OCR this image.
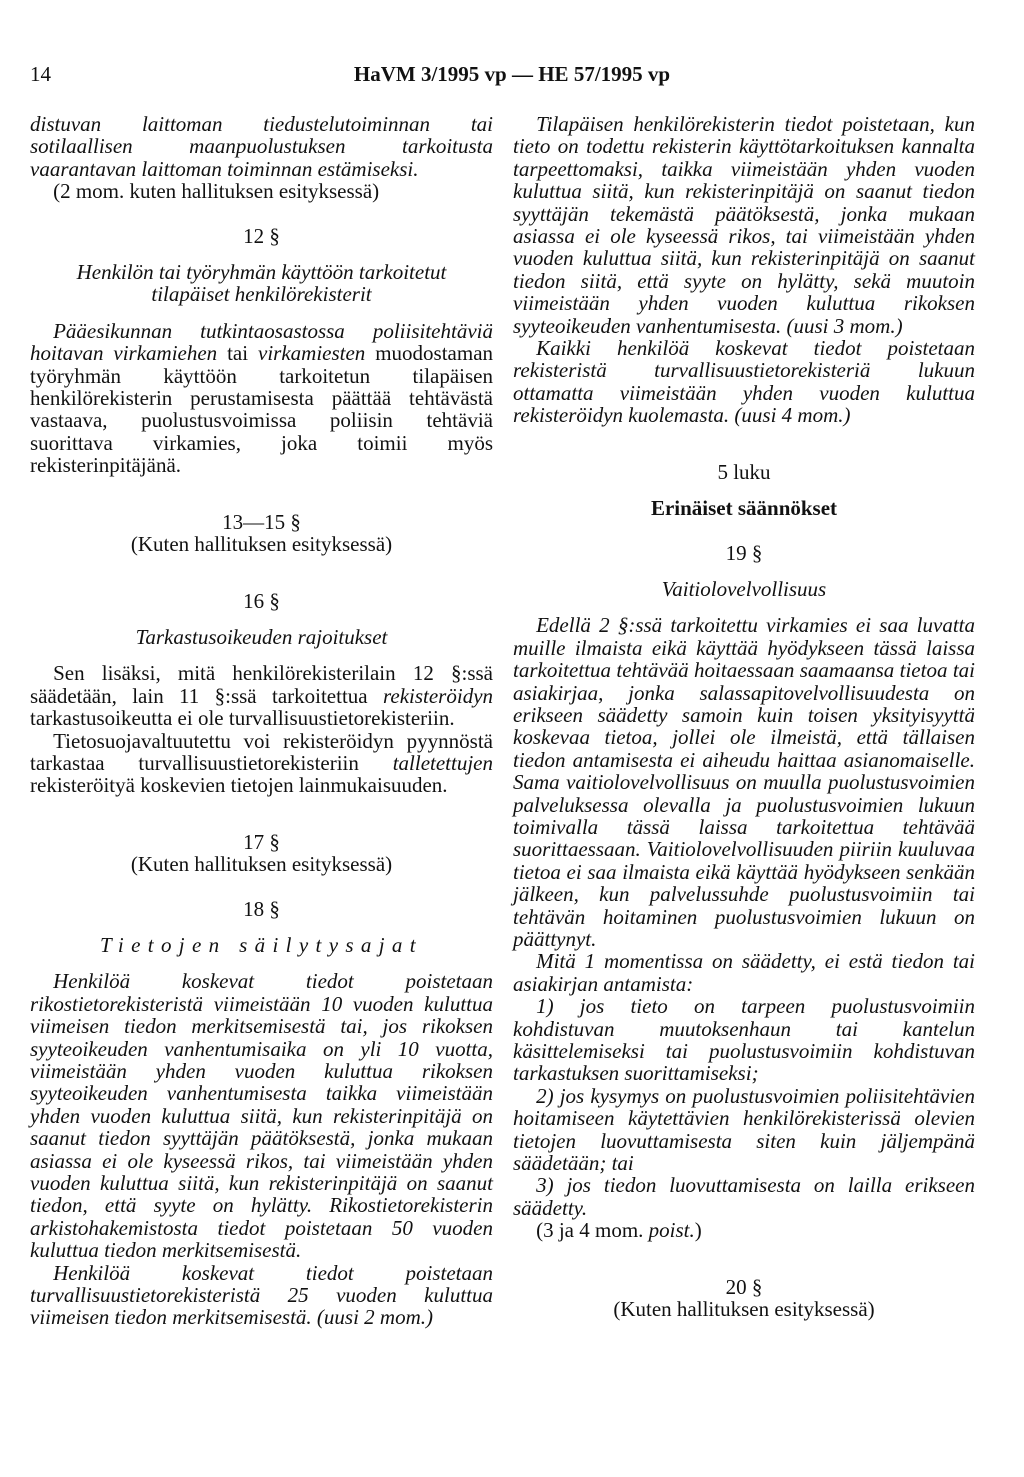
14	HaVM 3/1995 vp — HE 57/1995 vp

distuvan laittoman tiedustelutoiminnan tai sotilaallisen maanpuolustuksen tarkoitusta vaarantavan laittoman toiminnan estämiseksi.

(2 mom. kuten hallituksen esityksessä)

12 §

Henkilön tai työryhmän käyttöön tarkoitetut

tilapäiset henkilörekisterit

Pääesikunnan tutkintaosastossa poliisitehtäviä hoitavan virkamiehen tai virkamiesten muodostaman työryhmän käyttöön tarkoitetun tilapäisen henkilörekisterin perustamisesta päättää tehtävästä vastaava, puolustusvoimissa poliisin tehtäviä suorittava virkamies, joka toimii myös rekisterinpitäjänä.

13—15 §

(Kuten hallituksen esityksessä)

16 §

Tarkastusoikeuden rajoitukset

Sen lisäksi, mitä henkilörekisterilain 12 §:ssä säädetään, lain 11 §:ssä tarkoitettua rekisteröidyn tarkastusoikeutta ei ole turvallisuustietorekisteriin.

Tietosuojavaltuutettu voi rekisteröidyn pyynnöstä tarkastaa turvallisuustietorekisteriin talletettujen rekisteröityä koskevien tietojen lainmukaisuuden.

17 §

(Kuten hallituksen esityksessä)

18 §

Tietojen säilytysajat

Henkilöä koskevat tiedot poistetaan rikostietorekisteristä viimeistään 10 vuoden kuluttua viimeisen tiedon merkitsemisestä tai, jos rikoksen syyteoikeuden vanhentumisaika on yli 10 vuotta, viimeistään yhden vuoden kuluttua rikoksen syyteoikeuden vanhentumisesta taikka viimeistään yhden vuoden kuluttua siitä, kun rekisterinpitäjä on saanut tiedon syyttäjän päätöksestä, jonka mukaan asiassa ei ole kyseessä rikos, tai viimeistään yhden vuoden kuluttua siitä, kun rekisterinpitäjä on saanut tiedon, että syyte on hylätty. Rikostietorekisterin arkistohakemistosta tiedot poistetaan 50 vuoden kuluttua tiedon merkitsemisestä.

Henkilöä koskevat tiedot poistetaan turvallisuustietorekisteristä 25 vuoden kuluttua viimeisen tiedon merkitsemisestä. (uusi 2 mom.)

Tilapäisen henkilörekisterin tiedot poistetaan, kun tieto on todettu rekisterin käyttötarkoituksen kannalta tarpeettomaksi, taikka viimeistään yhden vuoden kuluttua siitä, kun rekisterinpitäjä on saanut tiedon syyttäjän tekemästä päätöksestä, jonka mukaan asiassa ei ole kyseessä rikos, tai viimeistään yhden vuoden kuluttua siitä, kun rekisterinpitäjä on saanut tiedon siitä, että syyte on hylätty, sekä muutoin viimeistään yhden vuoden kuluttua rikoksen syyteoikeuden vanhentumisesta. (uusi 3 mom.)

Kaikki henkilöä koskevat tiedot poistetaan rekisteristä turvallisuustietorekisteriä lukuun ottamatta viimeistään yhden vuoden kuluttua rekisteröidyn kuolemasta. (uusi 4 mom.)

5 luku

Erinäiset säännökset

19 §

Vaitiolovelvollisuus

Edellä 2 §:ssä tarkoitettu virkamies ei saa luvatta muille ilmaista eikä käyttää hyödykseen tässä laissa tarkoitettua tehtävää hoitaessaan saamaansa tietoa tai asiakirjaa, jonka salassapitovelvollisuudesta on erikseen säädetty samoin kuin toisen yksityisyyttä koskevaa tietoa, jollei ole ilmeistä, että tällaisen tiedon antamisesta ei aiheudu haittaa asianomaiselle. Sama vaitiolovelvollisuus on muulla puolustusvoimien palveluksessa olevalla ja puolustusvoimien lukuun toimivalla tässä laissa tarkoitettua tehtävää suorittaessaan. Vaitiolovelvollisuuden piiriin kuuluvaa tietoa ei saa ilmaista eikä käyttää hyödykseen senkään jälkeen, kun palvelussuhde puolustusvoimiin tai tehtävän hoitaminen puolustusvoimien lukuun on päättynyt.

Mitä 1 momentissa on säädetty, ei estä tiedon tai asiakirjan antamista:

1) jos tieto on tarpeen puolustusvoimiin kohdistuvan muutoksenhaun tai kantelun käsittelemiseksi tai puolustusvoimiin kohdistuvan tarkastuksen suorittamiseksi;

2) jos kysymys on puolustusvoimien poliisitehtävien hoitamiseen käytettävien henkilörekisterissä olevien tietojen luovuttamisesta siten kuin jäljempänä säädetään; tai

3) jos tiedon luovuttamisesta on lailla erikseen säädetty.

(3 ja 4 mom. poist.)

20 §

(Kuten hallituksen esityksessä)
